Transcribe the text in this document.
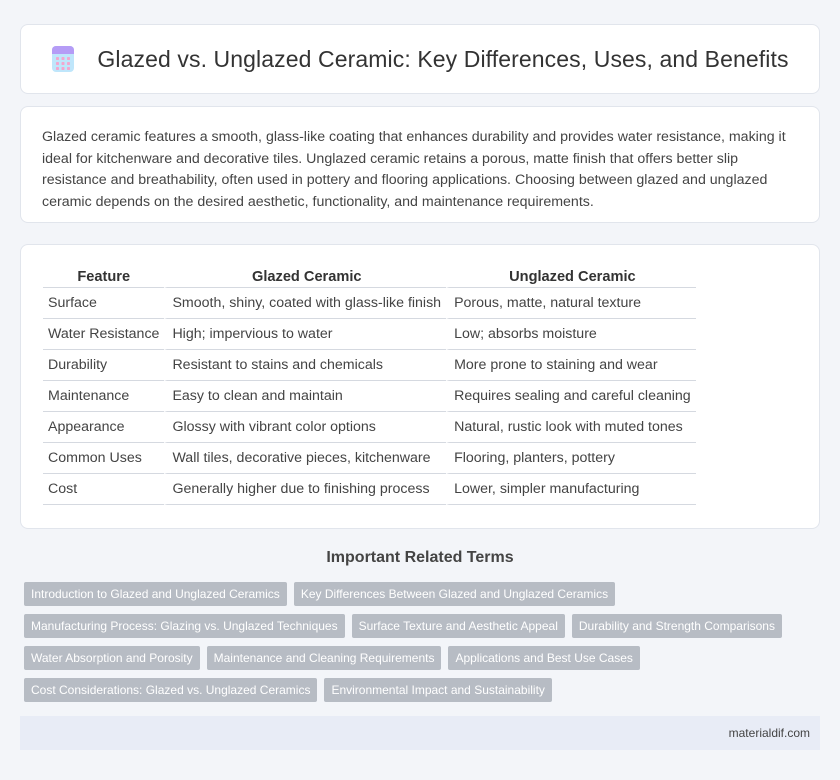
Glazed vs. Unglazed Ceramic: Key Differences, Uses, and Benefits

Glazed ceramic features a smooth, glass-like coating that enhances durability and provides water resistance, making it ideal for kitchenware and decorative tiles. Unglazed ceramic retains a porous, matte finish that offers better slip resistance and breathability, often used in pottery and flooring applications. Choosing between glazed and unglazed ceramic depends on the desired aesthetic, functionality, and maintenance requirements.

Feature	Glazed Ceramic	Unglazed Ceramic
Surface	Smooth, shiny, coated with glass-like finish	Porous, matte, natural texture
Water Resistance	High; impervious to water	Low; absorbs moisture
Durability	Resistant to stains and chemicals	More prone to staining and wear
Maintenance	Easy to clean and maintain	Requires sealing and careful cleaning
Appearance	Glossy with vibrant color options	Natural, rustic look with muted tones
Common Uses	Wall tiles, decorative pieces, kitchenware	Flooring, planters, pottery
Cost	Generally higher due to finishing process	Lower, simpler manufacturing
Important Related Terms
Introduction to Glazed and Unglazed Ceramics	Key Differences Between Glazed and Unglazed Ceramics
Manufacturing Process: Glazing vs. Unglazed Techniques	Surface Texture and Aesthetic Appeal	Durability and Strength Comparisons
Water Absorption and Porosity	Maintenance and Cleaning Requirements	Applications and Best Use Cases
Cost Considerations: Glazed vs. Unglazed Ceramics	Environmental Impact and Sustainability
materialdif.com
